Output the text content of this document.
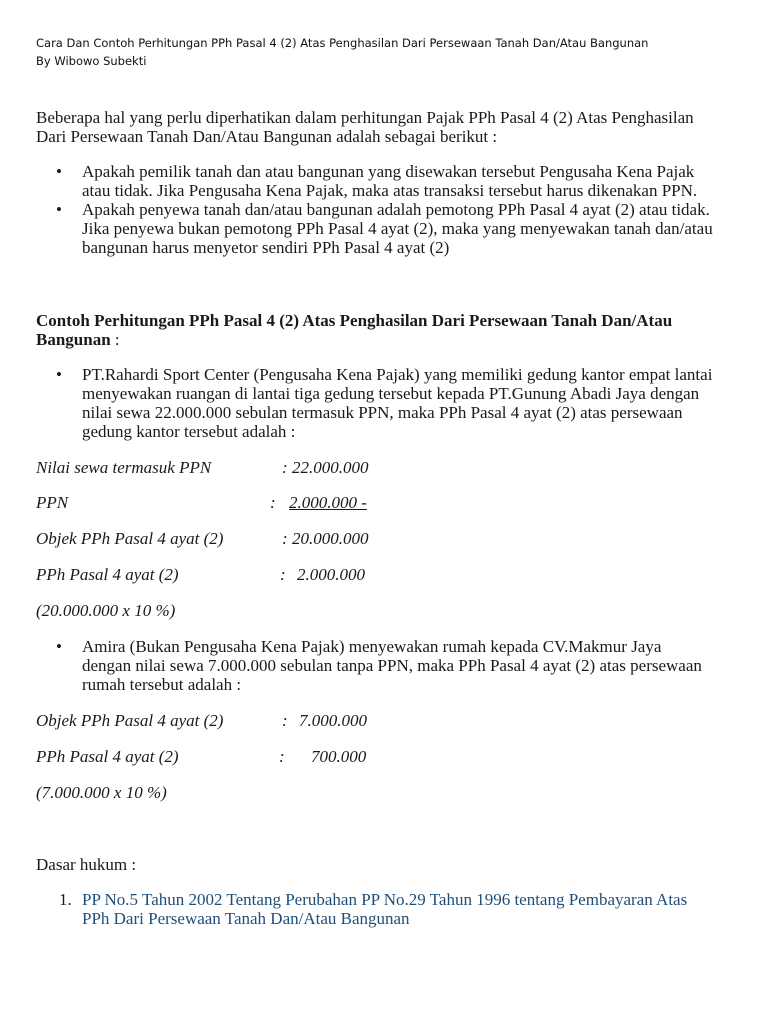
Cara Dan Contoh Perhitungan PPh Pasal 4 (2) Atas Penghasilan Dari Persewaan Tanah Dan/Atau Bangunan
By Wibowo Subekti
Beberapa hal yang perlu diperhatikan dalam perhitungan Pajak PPh Pasal 4 (2) Atas Penghasilan
Dari Persewaan Tanah Dan/Atau Bangunan adalah sebagai berikut :
• Apakah pemilik tanah dan atau bangunan yang disewakan tersebut Pengusaha Kena Pajak
atau tidak. Jika Pengusaha Kena Pajak, maka atas transaksi tersebut harus dikenakan PPN.
• Apakah penyewa tanah dan/atau bangunan adalah pemotong PPh Pasal 4 ayat (2) atau tidak.
Jika penyewa bukan pemotong PPh Pasal 4 ayat (2), maka yang menyewakan tanah dan/atau
bangunan harus menyetor sendiri PPh Pasal 4 ayat (2)
Contoh Perhitungan PPh Pasal 4 (2) Atas Penghasilan Dari Persewaan Tanah Dan/Atau
Bangunan :
• PT.Rahardi Sport Center (Pengusaha Kena Pajak) yang memiliki gedung kantor empat lantai
menyewakan ruangan di lantai tiga gedung tersebut kepada PT.Gunung Abadi Jaya dengan
nilai sewa 22.000.000 sebulan termasuk PPN, maka PPh Pasal 4 ayat (2) atas persewaan
gedung kantor tersebut adalah :
Nilai sewa termasuk PPN	: 22.000.000
PPN	: 2.000.000 -
Objek PPh Pasal 4 ayat (2)	: 20.000.000
PPh Pasal 4 ayat (2)	: 2.000.000
(20.000.000 x 10 %)
• Amira (Bukan Pengusaha Kena Pajak) menyewakan rumah kepada CV.Makmur Jaya
dengan nilai sewa 7.000.000 sebulan tanpa PPN, maka PPh Pasal 4 ayat (2) atas persewaan
rumah tersebut adalah :
Objek PPh Pasal 4 ayat (2)	: 7.000.000
PPh Pasal 4 ayat (2)	: 700.000
(7.000.000 x 10 %)
Dasar hukum :
1. PP No.5 Tahun 2002 Tentang Perubahan PP No.29 Tahun 1996 tentang Pembayaran Atas
PPh Dari Persewaan Tanah Dan/Atau Bangunan
